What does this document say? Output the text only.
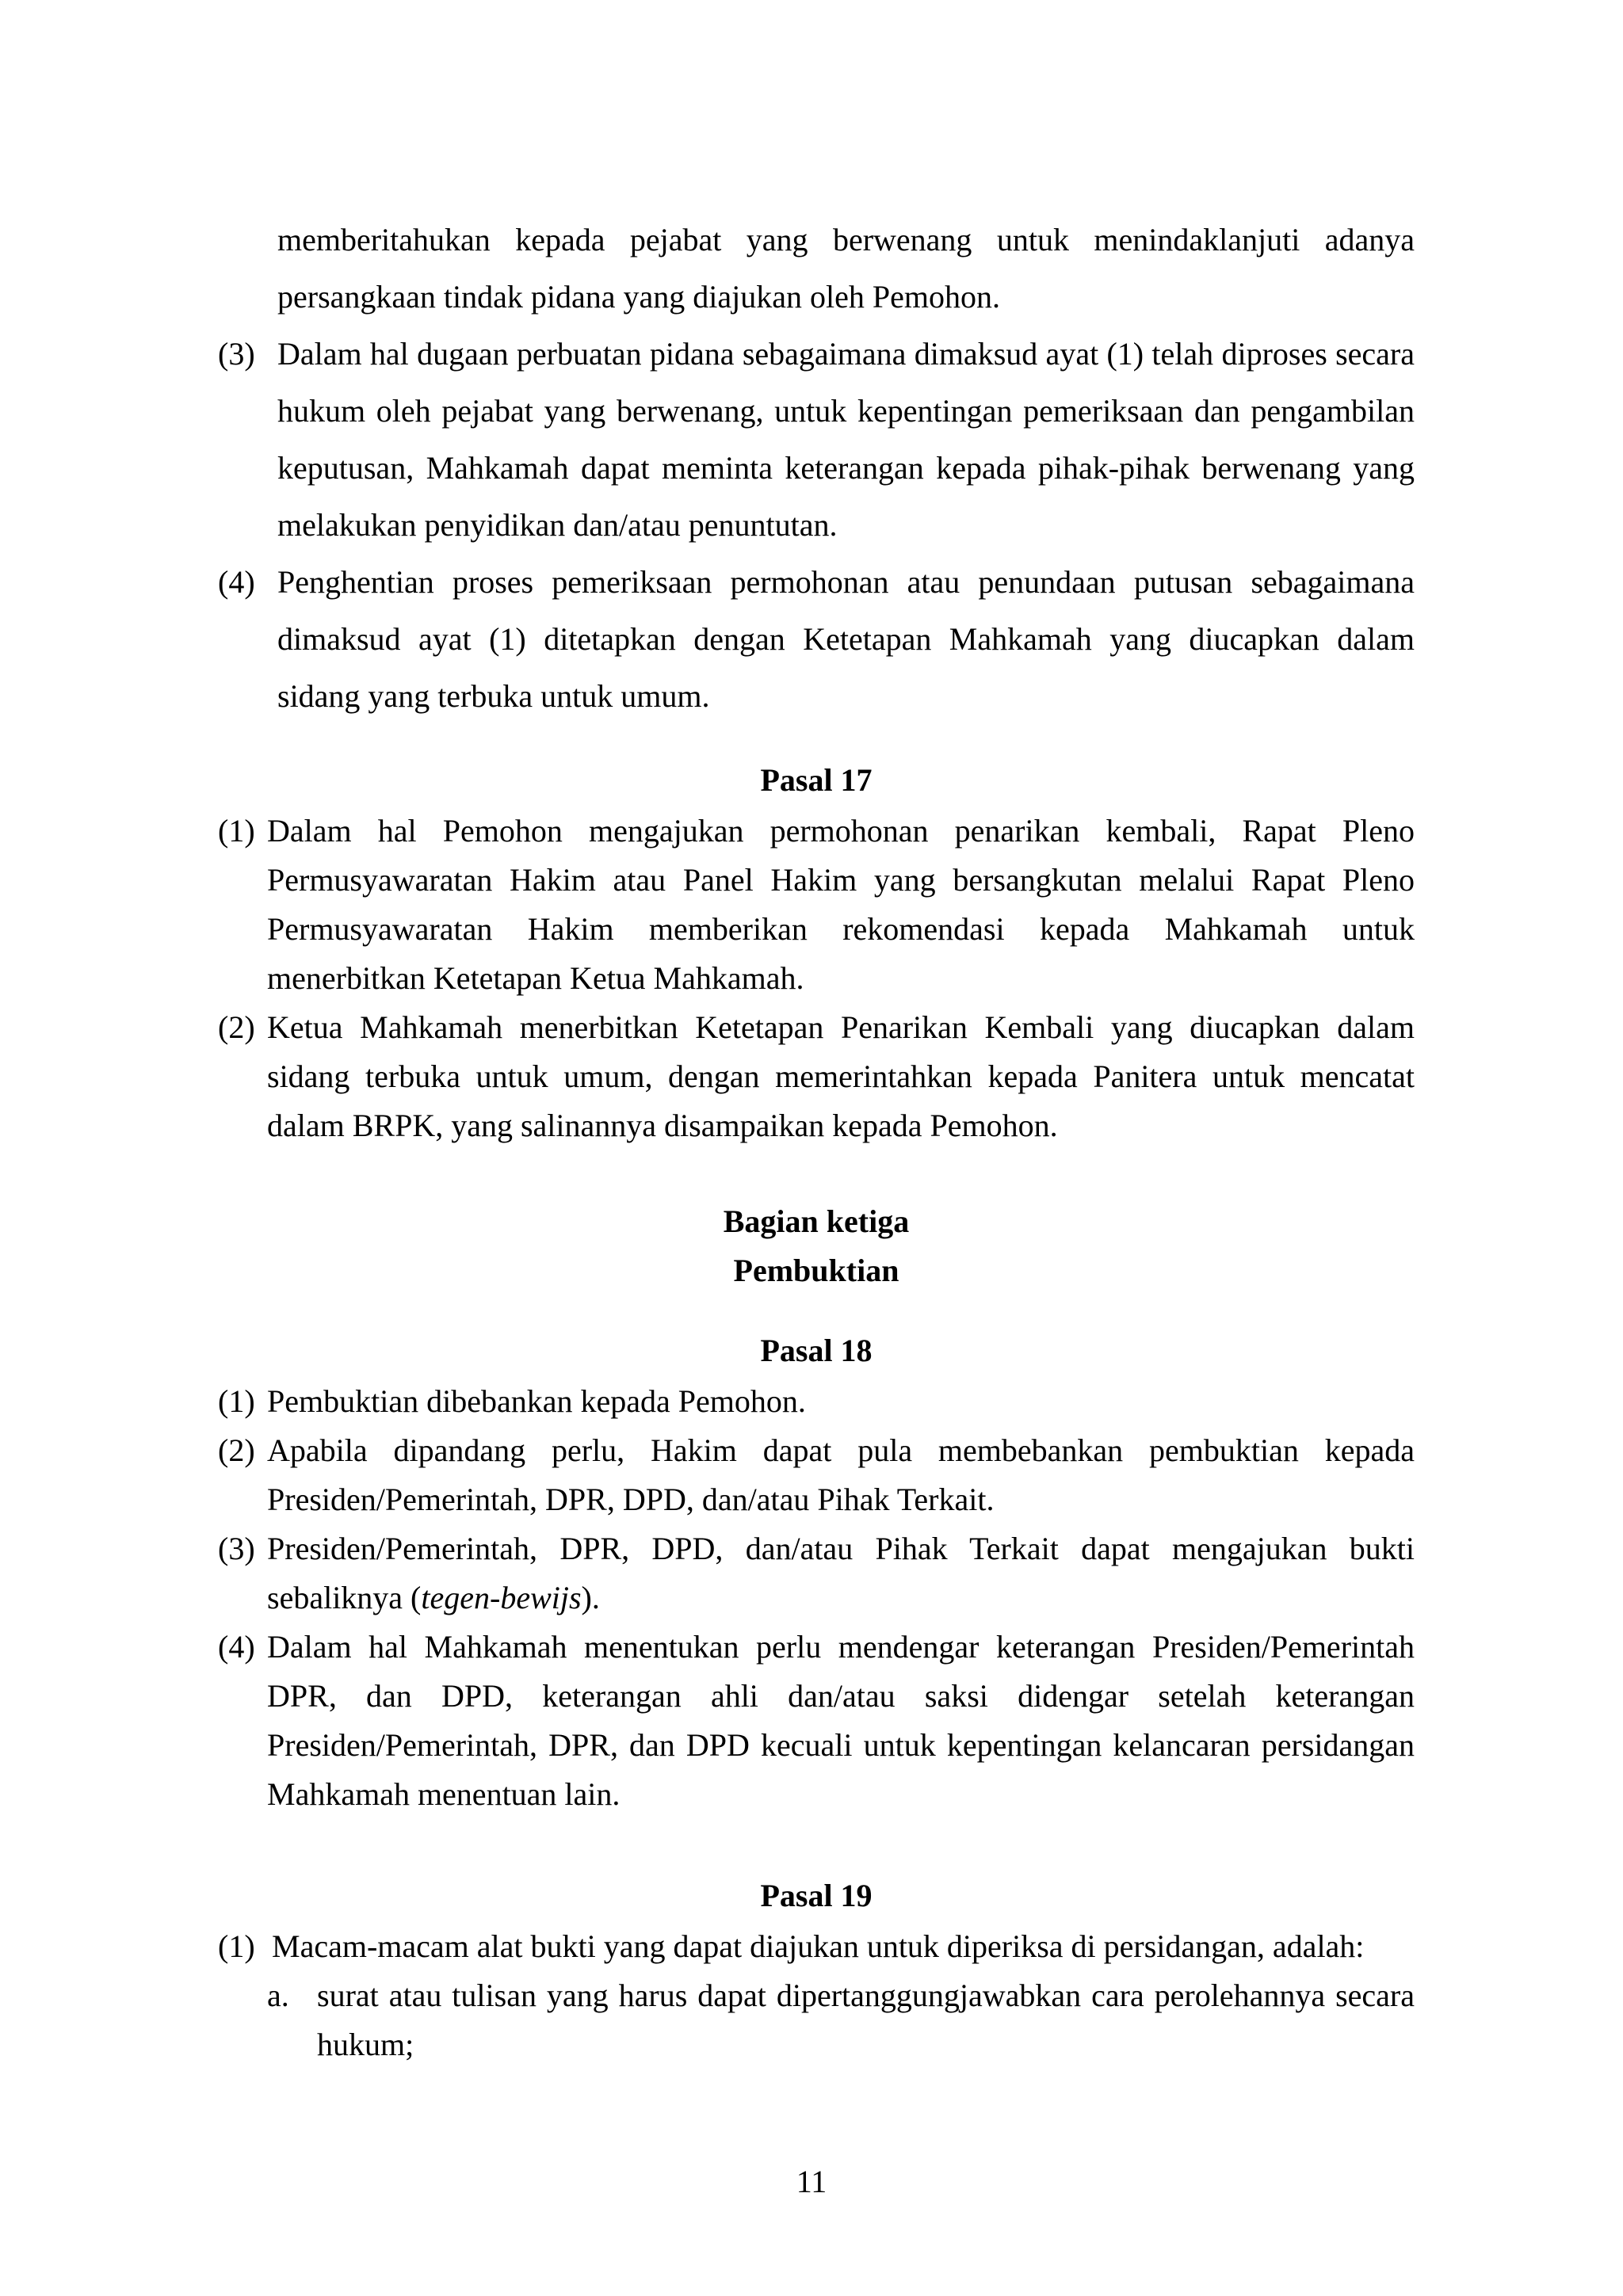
memberitahukan kepada pejabat yang berwenang untuk menindaklanjuti adanya persangkaan tindak pidana yang diajukan oleh Pemohon.
(3) Dalam hal dugaan perbuatan pidana sebagaimana dimaksud ayat (1) telah diproses secara hukum oleh pejabat yang berwenang, untuk kepentingan pemeriksaan dan pengambilan keputusan, Mahkamah dapat meminta keterangan kepada pihak-pihak berwenang yang melakukan penyidikan dan/atau penuntutan.
(4) Penghentian proses pemeriksaan permohonan atau penundaan putusan sebagaimana dimaksud ayat (1) ditetapkan dengan Ketetapan Mahkamah yang diucapkan dalam sidang yang terbuka untuk umum.
Pasal 17
(1) Dalam hal Pemohon mengajukan permohonan penarikan kembali, Rapat Pleno Permusyawaratan Hakim atau Panel Hakim yang bersangkutan melalui Rapat Pleno Permusyawaratan Hakim memberikan rekomendasi kepada Mahkamah untuk menerbitkan Ketetapan Ketua Mahkamah.
(2) Ketua Mahkamah menerbitkan Ketetapan Penarikan Kembali yang diucapkan dalam sidang terbuka untuk umum, dengan memerintahkan kepada Panitera untuk mencatat dalam BRPK, yang salinannya disampaikan kepada Pemohon.
Bagian ketiga
Pembuktian
Pasal 18
(1) Pembuktian dibebankan kepada Pemohon.
(2) Apabila dipandang perlu, Hakim dapat pula membebankan pembuktian kepada Presiden/Pemerintah, DPR, DPD, dan/atau Pihak Terkait.
(3) Presiden/Pemerintah, DPR, DPD, dan/atau Pihak Terkait dapat mengajukan bukti sebaliknya (tegen-bewijs).
(4) Dalam hal Mahkamah menentukan perlu mendengar keterangan Presiden/Pemerintah DPR, dan DPD, keterangan ahli dan/atau saksi didengar setelah keterangan Presiden/Pemerintah, DPR, dan DPD kecuali untuk kepentingan kelancaran persidangan Mahkamah menentuan lain.
Pasal 19
(1) Macam-macam alat bukti yang dapat diajukan untuk diperiksa di persidangan, adalah:
a. surat atau tulisan yang harus dapat dipertanggungjawabkan cara perolehannya secara hukum;
11
